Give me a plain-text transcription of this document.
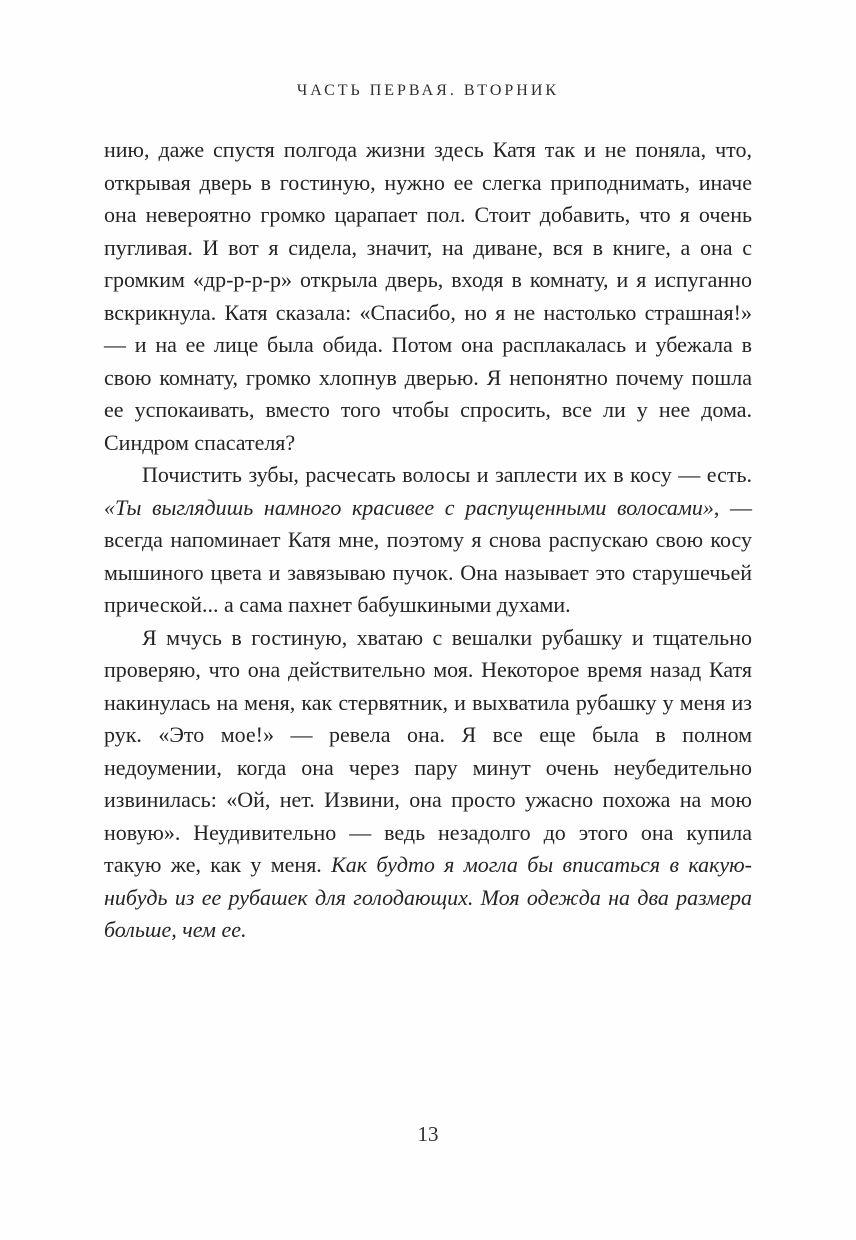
ЧАСТЬ ПЕРВАЯ. ВТОРНИК

нию, даже спустя полгода жизни здесь Катя так и не поняла, что, открывая дверь в гостиную, нужно ее слегка приподнимать, иначе она невероятно громко царапает пол. Стоит добавить, что я очень пугливая. И вот я сидела, значит, на диване, вся в книге, а она с громким «др-р-р-р» открыла дверь, входя в комнату, и я испуганно вскрикнула. Катя сказала: «Спасибо, но я не настолько страшная!» — и на ее лице была обида. Потом она расплакалась и убежала в свою комнату, громко хлопнув дверью. Я непонятно почему пошла ее успокаивать, вместо того чтобы спросить, все ли у нее дома. Синдром спасателя?

Почистить зубы, расчесать волосы и заплести их в косу — есть. «Ты выглядишь намного красивее с распущенными волосами», — всегда напоминает Катя мне, поэтому я снова распускаю свою косу мышиного цвета и завязываю пучок. Она называет это старушечьей прической... а сама пахнет бабушкиными духами.

Я мчусь в гостиную, хватаю с вешалки рубашку и тщательно проверяю, что она действительно моя. Некоторое время назад Катя накинулась на меня, как стервятник, и выхватила рубашку у меня из рук. «Это мое!» — ревела она. Я все еще была в полном недоумении, когда она через пару минут очень неубедительно извинилась: «Ой, нет. Извини, она просто ужасно похожа на мою новую». Неудивительно — ведь незадолго до этого она купила такую же, как у меня. Как будто я могла бы вписаться в какую-нибудь из ее рубашек для голодающих. Моя одежда на два размера больше, чем ее.

13
